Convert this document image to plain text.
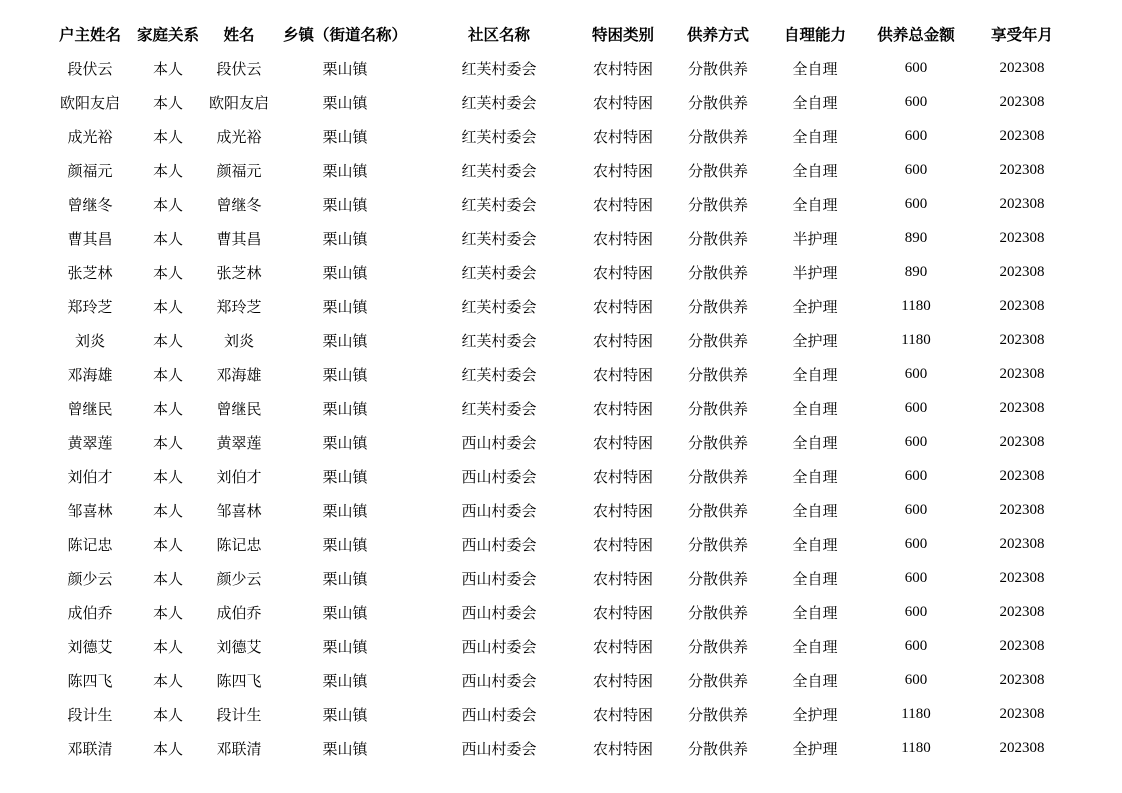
户主姓名	家庭关系	姓名	乡镇（街道名称）	社区名称	特困类别	供养方式	自理能力	供养总金额	享受年月
段伏云	本人	段伏云	栗山镇	红芙村委会	农村特困	分散供养	全自理	600	202308
欧阳友启	本人	欧阳友启	栗山镇	红芙村委会	农村特困	分散供养	全自理	600	202308
成光裕	本人	成光裕	栗山镇	红芙村委会	农村特困	分散供养	全自理	600	202308
颜福元	本人	颜福元	栗山镇	红芙村委会	农村特困	分散供养	全自理	600	202308
曾继冬	本人	曾继冬	栗山镇	红芙村委会	农村特困	分散供养	全自理	600	202308
曹其昌	本人	曹其昌	栗山镇	红芙村委会	农村特困	分散供养	半护理	890	202308
张芝林	本人	张芝林	栗山镇	红芙村委会	农村特困	分散供养	半护理	890	202308
郑玲芝	本人	郑玲芝	栗山镇	红芙村委会	农村特困	分散供养	全护理	1180	202308
刘炎	本人	刘炎	栗山镇	红芙村委会	农村特困	分散供养	全护理	1180	202308
邓海雄	本人	邓海雄	栗山镇	红芙村委会	农村特困	分散供养	全自理	600	202308
曾继民	本人	曾继民	栗山镇	红芙村委会	农村特困	分散供养	全自理	600	202308
黄翠莲	本人	黄翠莲	栗山镇	西山村委会	农村特困	分散供养	全自理	600	202308
刘伯才	本人	刘伯才	栗山镇	西山村委会	农村特困	分散供养	全自理	600	202308
邹喜林	本人	邹喜林	栗山镇	西山村委会	农村特困	分散供养	全自理	600	202308
陈记忠	本人	陈记忠	栗山镇	西山村委会	农村特困	分散供养	全自理	600	202308
颜少云	本人	颜少云	栗山镇	西山村委会	农村特困	分散供养	全自理	600	202308
成伯乔	本人	成伯乔	栗山镇	西山村委会	农村特困	分散供养	全自理	600	202308
刘德艾	本人	刘德艾	栗山镇	西山村委会	农村特困	分散供养	全自理	600	202308
陈四飞	本人	陈四飞	栗山镇	西山村委会	农村特困	分散供养	全自理	600	202308
段计生	本人	段计生	栗山镇	西山村委会	农村特困	分散供养	全护理	1180	202308
邓联清	本人	邓联清	栗山镇	西山村委会	农村特困	分散供养	全护理	1180	202308
